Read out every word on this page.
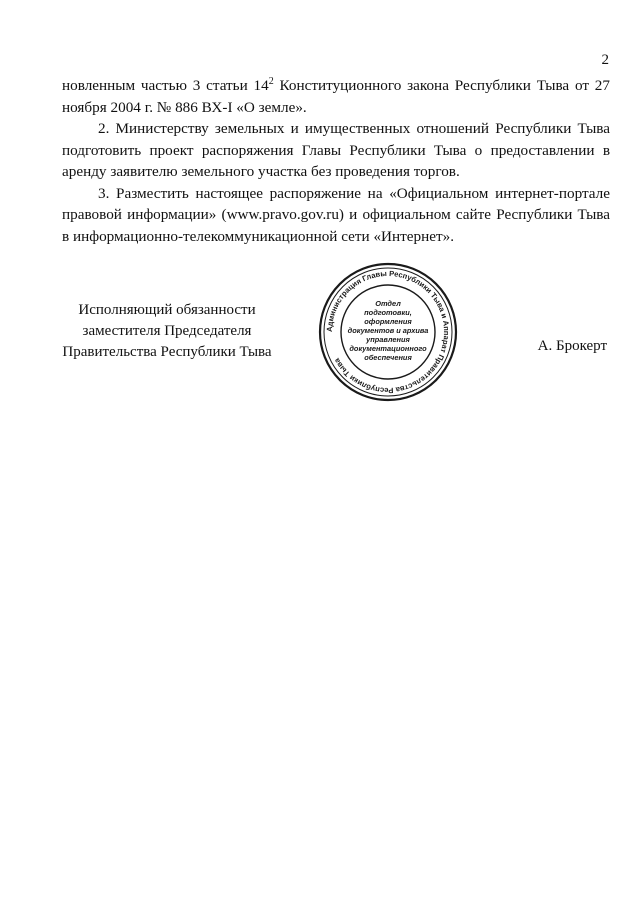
2

новленным частью 3 статьи $14^2$ Конституционного закона Республики Тыва от 27 ноября 2004 г. № 886 ВХ-I «О земле».

2. Министерству земельных и имущественных отношений Республики Тыва подготовить проект распоряжения Главы Республики Тыва о предоставлении в аренду заявителю земельного участка без проведения торгов.

3. Разместить настоящее распоряжение на «Официальном интернет-портале правовой информации» (www.pravo.gov.ru) и официальном сайте Республики Тыва в информационно-телекоммуникационной сети «Интернет».

Исполняющий обязанности
заместителя Председателя
Правительства Республики Тыва
Администрация Главы Республики Тыва и Аппарат Правительства Республики Тыва
Отдел
подготовки,
оформления
документов и архива
управления
документационного
обеспечения
А. Брокерт
